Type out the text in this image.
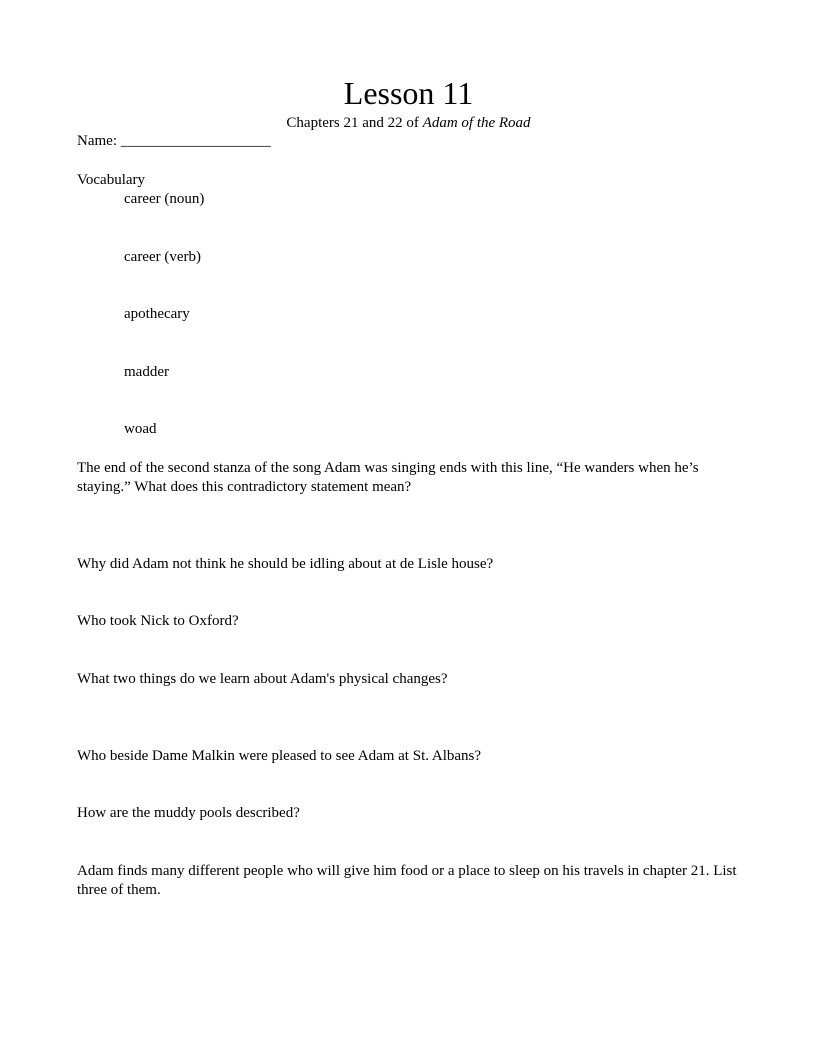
Lesson 11
Chapters 21 and 22 of Adam of the Road
Name: ____________________
Vocabulary
career (noun)
career (verb)
apothecary
madder
woad
The end of the second stanza of the song Adam was singing ends with this line, “He wanders when he’s staying.” What does this contradictory statement mean?
Why did Adam not think he should be idling about at de Lisle house?
Who took Nick to Oxford?
What two things do we learn about Adam's physical changes?
Who beside Dame Malkin were pleased to see Adam at St. Albans?
How are the muddy pools described?
Adam finds many different people who will give him food or a place to sleep on his travels in chapter 21. List three of them.
